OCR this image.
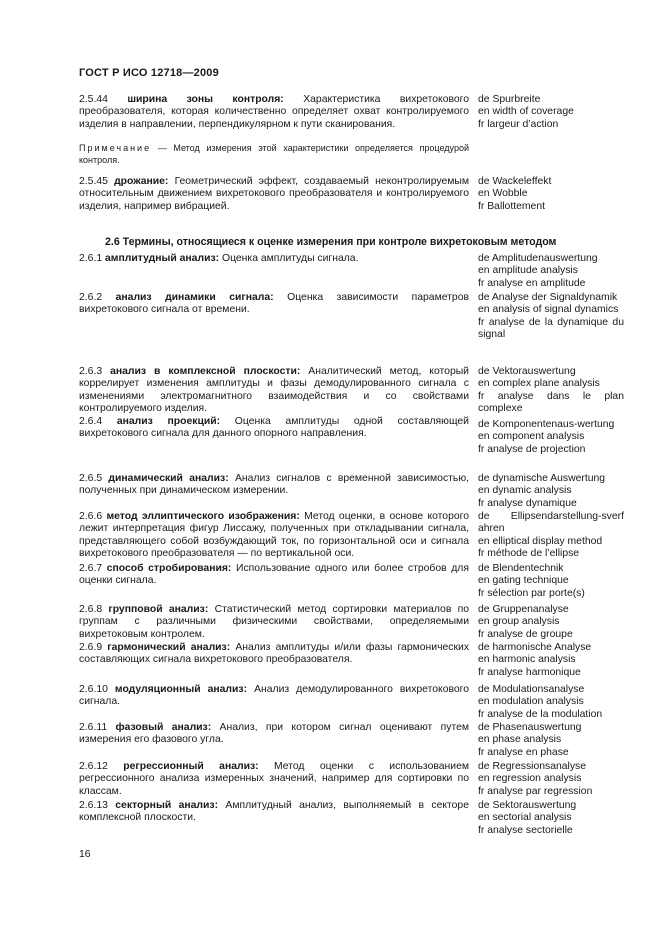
ГОСТ Р ИСО 12718—2009
2.5.44 ширина зоны контроля: Характеристика вихретокового преобразователя, которая количественно определяет охват контролируемого изделия в направлении, перпендикулярном к пути сканирования.
de Spurbreite
en width of coverage
fr largeur d’action
Примечание — Метод измерения этой характеристики определяется процедурой контроля.
2.5.45 дрожание: Геометрический эффект, создаваемый неконтролируемым относительным движением вихретокового преобразователя и контролируемого изделия, например вибрацией.
de Wackeleffekt
en Wobble
fr Ballottement
2.6 Термины, относящиеся к оценке измерения при контроле вихретоковым методом
2.6.1 амплитудный анализ: Оценка амплитуды сигнала.	de Amplitudenauswertung
en amplitude analysis
fr analyse en amplitude
2.6.2 анализ динамики сигнала: Оценка зависимости параметров вихретокового сигнала от времени.
de Analyse der Signaldynamik
en analysis of signal dynamics
fr analyse de la dynamique du signal
2.6.3 анализ в комплексной плоскости: Аналитический метод, который коррелирует изменения амплитуды и фазы демодулированного сигнала с изменениями электромагнитного взаимодействия и со свойствами контролируемого изделия.
de Vektorauswertung
en complex plane analysis
fr analyse dans le plan complexe
2.6.4 анализ проекций: Оценка амплитуды одной составляющей вихретокового сигнала для данного опорного направления.
de Komponentenaus-wertung
en component analysis
fr analyse de projection
2.6.5 динамический анализ: Анализ сигналов с временной зависимостью, полученных при динамическом измерении.
de dynamische Auswertung
en dynamic analysis
fr analyse dynamique
2.6.6 метод эллиптического изображения: Метод оценки, в основе которого лежит интерпретация фигур Лиссажу, полученных при откладывании сигнала, представляющего собой возбуждающий ток, по горизонтальной оси и сигнала вихретокового преобразователя — по вертикальной оси.
de Ellipsendarstellung-sverf ahren
en elliptical display method
fr méthode de l’ellipse
2.6.7 способ стробирования: Использование одного или более стробов для оценки сигнала.
de Blendentechnik
en gating technique
fr sélection par porte(s)
2.6.8 групповой анализ: Статистический метод сортировки материалов по группам с различными физическими свойствами, определяемыми вихретоковым контролем.
de Gruppenanalyse
en group analysis
fr analyse de groupe
2.6.9 гармонический анализ: Анализ амплитуды и/или фазы гармонических составляющих сигнала вихретокового преобразователя.
de harmonische Analyse
en harmonic analysis
fr analyse harmonique
2.6.10 модуляционный анализ: Анализ демодулированного вихретокового сигнала.
de Modulationsanalyse
en modulation analysis
fr analyse de la modulation
2.6.11 фазовый анализ: Анализ, при котором сигнал оценивают путем измерения его фазового угла.
de Phasenauswertung
en phase analysis
fr analyse en phase
2.6.12 регрессионный анализ: Метод оценки с использованием регрессионного анализа измеренных значений, например для сортировки по классам.
de Regressionsanalyse
en regression analysis
fr analyse par regression
2.6.13 секторный анализ: Амплитудный анализ, выполняемый в секторе комплексной плоскости.
de Sektorauswertung
en sectorial analysis
fr analyse sectorielle
16
